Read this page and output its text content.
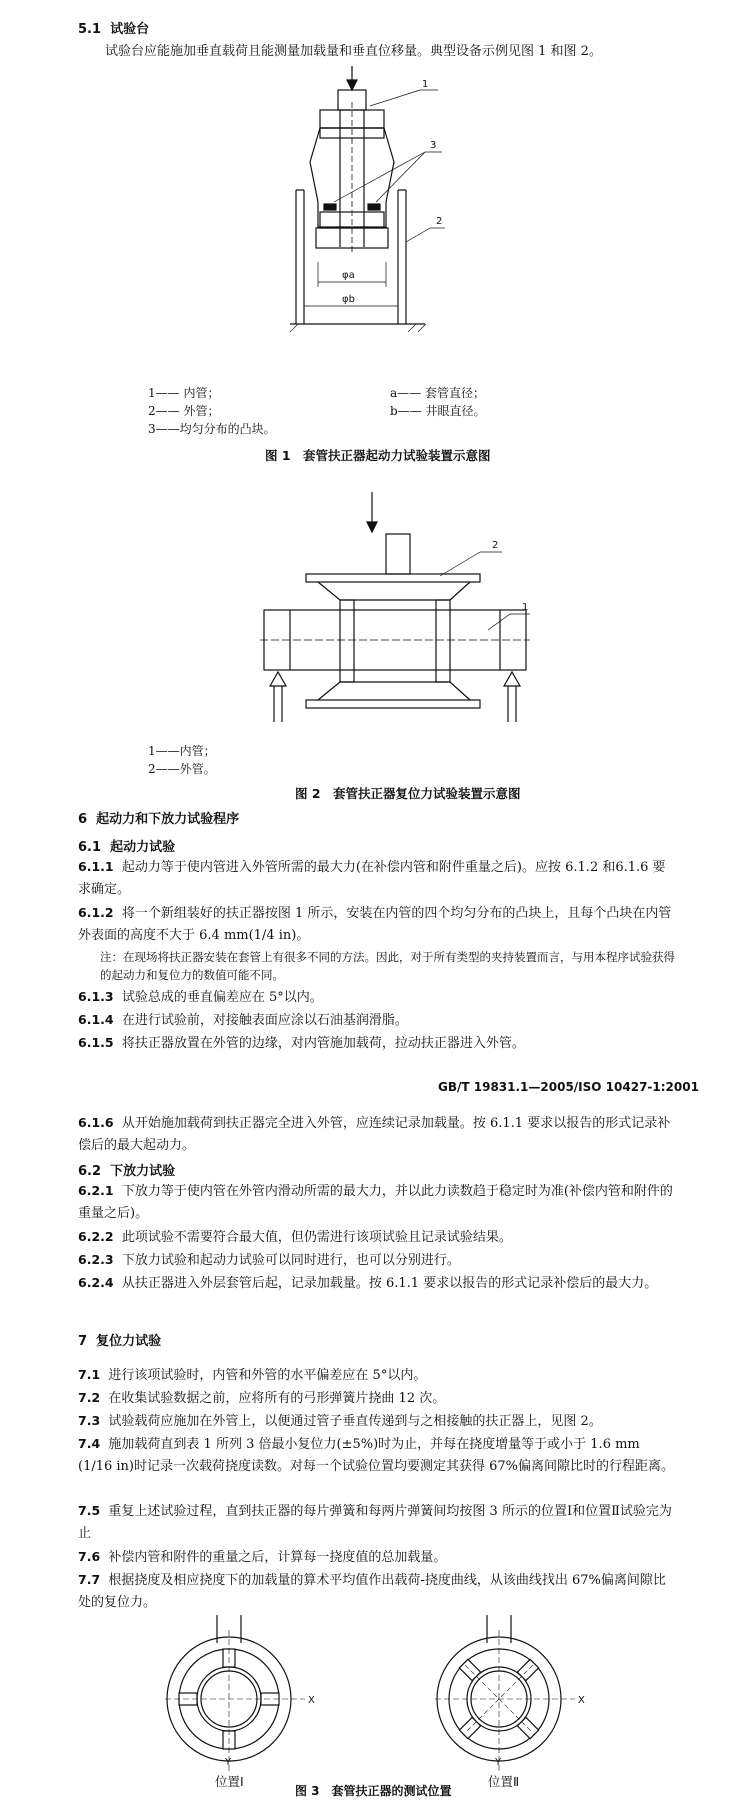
5.1 试验台
试验台应能施加垂直载荷且能测量加载量和垂直位移量。典型设备示例见图 1 和图 2。
1
3
2
φa
φb
1—— 内管；
2—— 外管；
3——均匀分布的凸块。
a—— 套管直径；
b—— 井眼直径。
图 1　套管扶正器起动力试验装置示意图
2
1
1——内管；
2——外管。
图 2　套管扶正器复位力试验装置示意图
6 起动力和下放力试验程序
6.1 起动力试验
6.1.1 起动力等于使内管进入外管所需的最大力(在补偿内管和附件重量之后)。应按 6.1.2 和6.1.6 要求确定。
6.1.2 将一个新组装好的扶正器按图 1 所示，安装在内管的四个均匀分布的凸块上，且每个凸块在内管外表面的高度不大于 6.4 mm(1/4 in)。
注：在现场将扶正器安装在套管上有很多不同的方法。因此，对于所有类型的夹持装置而言，与用本程序试验获得的起动力和复位力的数值可能不同。
6.1.3 试验总成的垂直偏差应在 5°以内。
6.1.4 在进行试验前，对接触表面应涂以石油基润滑脂。
6.1.5 将扶正器放置在外管的边缘，对内管施加载荷，拉动扶正器进入外管。
GB/T 19831.1—2005/ISO 10427-1:2001
6.1.6 从开始施加载荷到扶正器完全进入外管，应连续记录加载量。按 6.1.1 要求以报告的形式记录补偿后的最大起动力。
6.2 下放力试验
6.2.1 下放力等于使内管在外管内滑动所需的最大力，并以此力读数趋于稳定时为准(补偿内管和附件的重量之后)。
6.2.2 此项试验不需要符合最大值，但仍需进行该项试验且记录试验结果。
6.2.3 下放力试验和起动力试验可以同时进行，也可以分别进行。
6.2.4 从扶正器进入外层套管后起，记录加载量。按 6.1.1 要求以报告的形式记录补偿后的最大力。
7 复位力试验
7.1 进行该项试验时，内管和外管的水平偏差应在 5°以内。
7.2 在收集试验数据之前，应将所有的弓形弹簧片挠曲 12 次。
7.3 试验载荷应施加在外管上，以便通过管子垂直传递到与之相接触的扶正器上，见图 2。
7.4 施加载荷直到表 1 所列 3 倍最小复位力(±5%)时为止，并每在挠度增量等于或小于 1.6 mm (1/16 in)时记录一次载荷挠度读数。对每一个试验位置均要测定其获得 67%偏离间隙比时的行程距离。
7.5 重复上述试验过程，直到扶正器的每片弹簧和每两片弹簧间均按图 3 所示的位置Ⅰ和位置Ⅱ试验完为止
7.6 补偿内管和附件的重量之后，计算每一挠度值的总加载量。
7.7 根据挠度及相应挠度下的加载量的算术平均值作出载荷-挠度曲线，从该曲线找出 67%偏离间隙比处的复位力。
X
Y
X
Y
位置Ⅰ	位置Ⅱ
图 3　套管扶正器的测试位置
